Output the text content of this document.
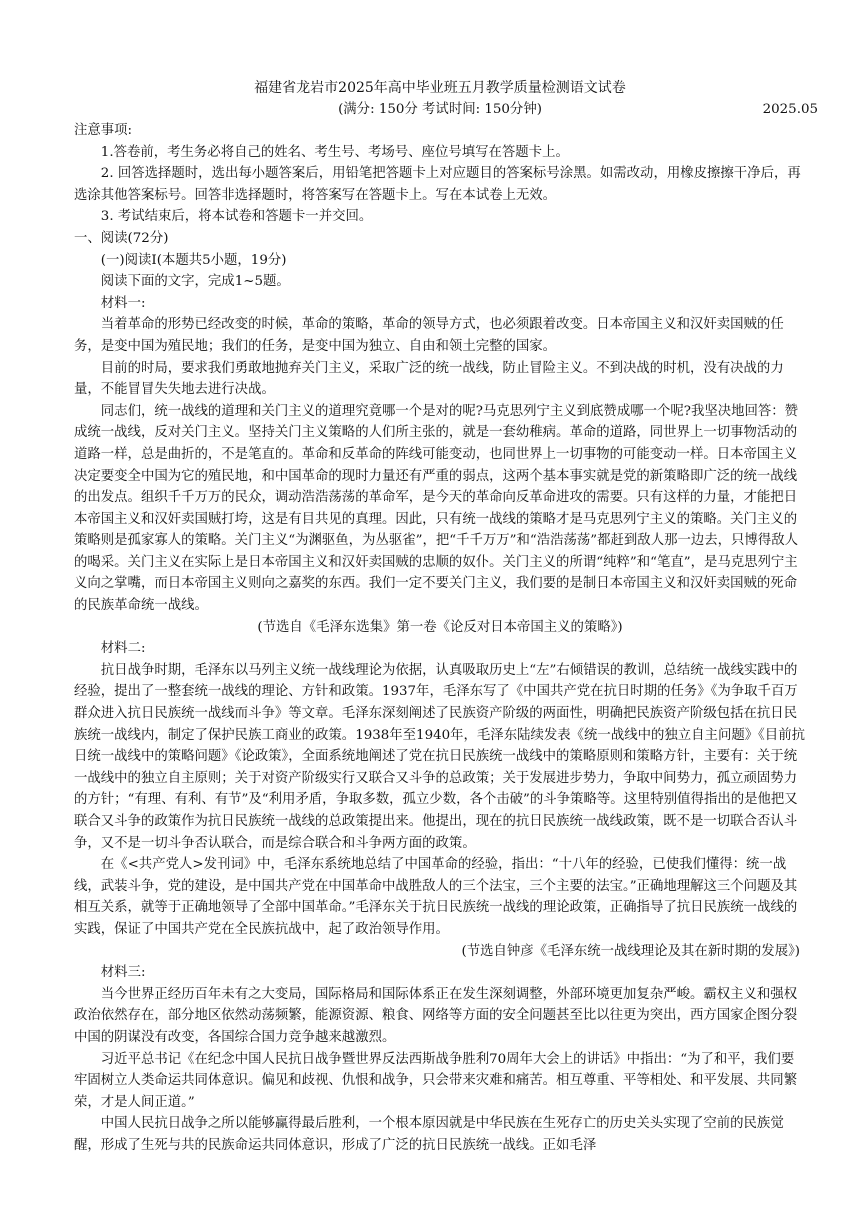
福建省龙岩市2025年高中毕业班五月教学质量检测语文试卷

(满分: 150分 考试时间: 150分钟)	2025.05

注意事项:

1.答卷前，考生务必将自己的姓名、考生号、考场号、座位号填写在答题卡上。

2. 回答选择题时，选出每小题答案后，用铅笔把答题卡上对应题目的答案标号涂黑。如需改动，用橡皮擦擦干净后，再选涂其他答案标号。回答非选择题时，将答案写在答题卡上。写在本试卷上无效。

3. 考试结束后，将本试卷和答题卡一并交回。

一、阅读(72分)

(一)阅读I(本题共5小题，19分)

阅读下面的文字，完成1~5题。

材料一:

当着革命的形势已经改变的时候，革命的策略，革命的领导方式，也必须跟着改变。日本帝国主义和汉奸卖国贼的任务，是变中国为殖民地；我们的任务，是变中国为独立、自由和领土完整的国家。

目前的时局，要求我们勇敢地抛弃关门主义，采取广泛的统一战线，防止冒险主义。不到决战的时机，没有决战的力量，不能冒冒失失地去进行决战。

同志们，统一战线的道理和关门主义的道理究竟哪一个是对的呢?马克思列宁主义到底赞成哪一个呢?我坚决地回答：赞成统一战线，反对关门主义。坚持关门主义策略的人们所主张的，就是一套幼稚病。革命的道路，同世界上一切事物活动的道路一样，总是曲折的，不是笔直的。革命和反革命的阵线可能变动，也同世界上一切事物的可能变动一样。日本帝国主义决定要变全中国为它的殖民地，和中国革命的现时力量还有严重的弱点，这两个基本事实就是党的新策略即广泛的统一战线的出发点。组织千千万万的民众，调动浩浩荡荡的革命军，是今天的革命向反革命进攻的需要。只有这样的力量，才能把日本帝国主义和汉奸卖国贼打垮，这是有目共见的真理。因此，只有统一战线的策略才是马克思列宁主义的策略。关门主义的策略则是孤家寡人的策略。关门主义“为渊驱鱼，为丛驱雀”，把“千千万万”和“浩浩荡荡”都赶到敌人那一边去，只博得敌人的喝采。关门主义在实际上是日本帝国主义和汉奸卖国贼的忠顺的奴仆。关门主义的所谓“纯粹”和“笔直”，是马克思列宁主义向之掌嘴，而日本帝国主义则向之嘉奖的东西。我们一定不要关门主义，我们要的是制日本帝国主义和汉奸卖国贼的死命的民族革命统一战线。

(节选自《毛泽东选集》第一卷《论反对日本帝国主义的策略》)

材料二:

抗日战争时期，毛泽东以马列主义统一战线理论为依据，认真吸取历史上“左”右倾错误的教训，总结统一战线实践中的经验，提出了一整套统一战线的理论、方针和政策。1937年，毛泽东写了《中国共产党在抗日时期的任务》《为争取千百万群众进入抗日民族统一战线而斗争》等文章。毛泽东深刻阐述了民族资产阶级的两面性，明确把民族资产阶级包括在抗日民族统一战线内，制定了保护民族工商业的政策。1938年至1940年，毛泽东陆续发表《统一战线中的独立自主问题》《目前抗日统一战线中的策略问题》《论政策》，全面系统地阐述了党在抗日民族统一战线中的策略原则和策略方针，主要有：关于统一战线中的独立自主原则；关于对资产阶级实行又联合又斗争的总政策；关于发展进步势力，争取中间势力，孤立顽固势力的方针；“有理、有利、有节”及“利用矛盾，争取多数，孤立少数，各个击破”的斗争策略等。这里特别值得指出的是他把又联合又斗争的政策作为抗日民族统一战线的总政策提出来。他提出，现在的抗日民族统一战线政策，既不是一切联合否认斗争，又不是一切斗争否认联合，而是综合联合和斗争两方面的政策。

在《<共产党人>发刊词》中，毛泽东系统地总结了中国革命的经验，指出：“十八年的经验，已使我们懂得：统一战线，武装斗争，党的建设，是中国共产党在中国革命中战胜敌人的三个法宝，三个主要的法宝。”正确地理解这三个问题及其相互关系，就等于正确地领导了全部中国革命。”毛泽东关于抗日民族统一战线的理论政策，正确指导了抗日民族统一战线的实践，保证了中国共产党在全民族抗战中，起了政治领导作用。

(节选自钟彦《毛泽东统一战线理论及其在新时期的发展》)

材料三:

当今世界正经历百年未有之大变局，国际格局和国际体系正在发生深刻调整，外部环境更加复杂严峻。霸权主义和强权政治依然存在，部分地区依然动荡频繁，能源资源、粮食、网络等方面的安全问题甚至比以往更为突出，西方国家企图分裂中国的阴谋没有改变，各国综合国力竞争越来越激烈。

习近平总书记《在纪念中国人民抗日战争暨世界反法西斯战争胜利70周年大会上的讲话》中指出：“为了和平，我们要牢固树立人类命运共同体意识。偏见和歧视、仇恨和战争，只会带来灾难和痛苦。相互尊重、平等相处、和平发展、共同繁荣，才是人间正道。”

中国人民抗日战争之所以能够赢得最后胜利，一个根本原因就是中华民族在生死存亡的历史关头实现了空前的民族觉醒，形成了生死与共的民族命运共同体意识，形成了广泛的抗日民族统一战线。正如毛泽
